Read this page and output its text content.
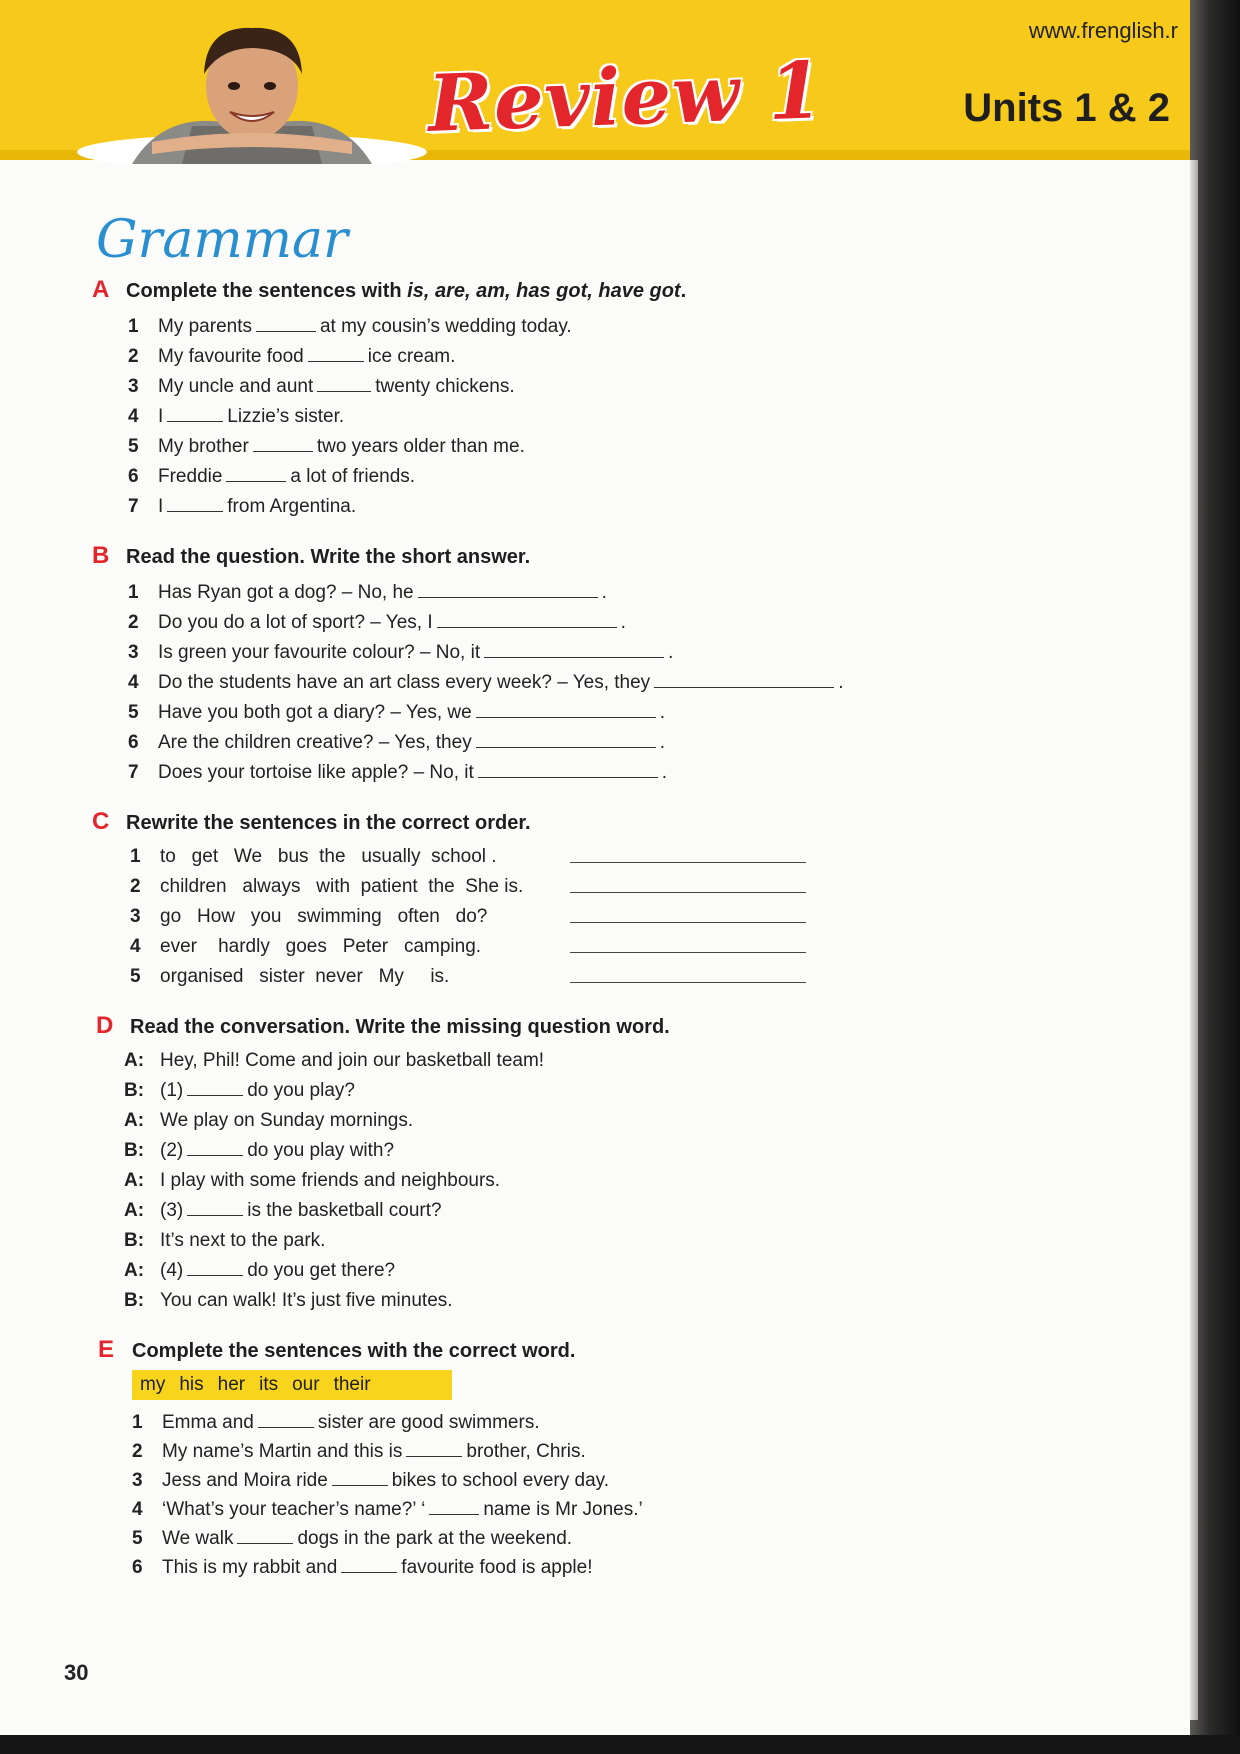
www.frenglish.r
Review 1	Units 1 & 2
Grammar
A Complete the sentences with is, are, am, has got, have got.
1 My parents	at my cousin’s wedding today.
2 My favourite food	ice cream.
3 My uncle and aunt	twenty chickens.
4 I	Lizzie’s sister.
5 My brother	two years older than me.
6 Freddie	a lot of friends.
7 I	from Argentina.
B Read the question. Write the short answer.
1 Has Ryan got a dog? – No, he	.
2 Do you do a lot of sport? – Yes, I	.
3 Is green your favourite colour? – No, it	.
4 Do the students have an art class every week? – Yes, they	.
5 Have you both got a diary? – Yes, we	.
6 Are the children creative? – Yes, they	.
7 Does your tortoise like apple? – No, it	.
C Rewrite the sentences in the correct order.
1 to   get   We   bus  the   usually  school .
2 children   always   with  patient  the  She is.
3 go   How   you   swimming   often   do?
4 ever    hardly   goes   Peter   camping.
5 organised   sister  never   My     is.
D Read the conversation. Write the missing question word.
A: Hey, Phil! Come and join our basketball team!
B: (1)	do you play?
A: We play on Sunday mornings.
B: (2)	do you play with?
A: I play with some friends and neighbours.
A: (3)	is the basketball court?
B: It’s next to the park.
A: (4)	do you get there?
B: You can walk! It’s just five minutes.
E Complete the sentences with the correct word.
my his her its our their
1 Emma and	sister are good swimmers.
2 My name’s Martin and this is	brother, Chris.
3 Jess and Moira ride	bikes to school every day.
4 ‘What’s your teacher’s name?’ ‘	name is Mr Jones.’
5 We walk	dogs in the park at the weekend.
6 This is my rabbit and	favourite food is apple!
30
